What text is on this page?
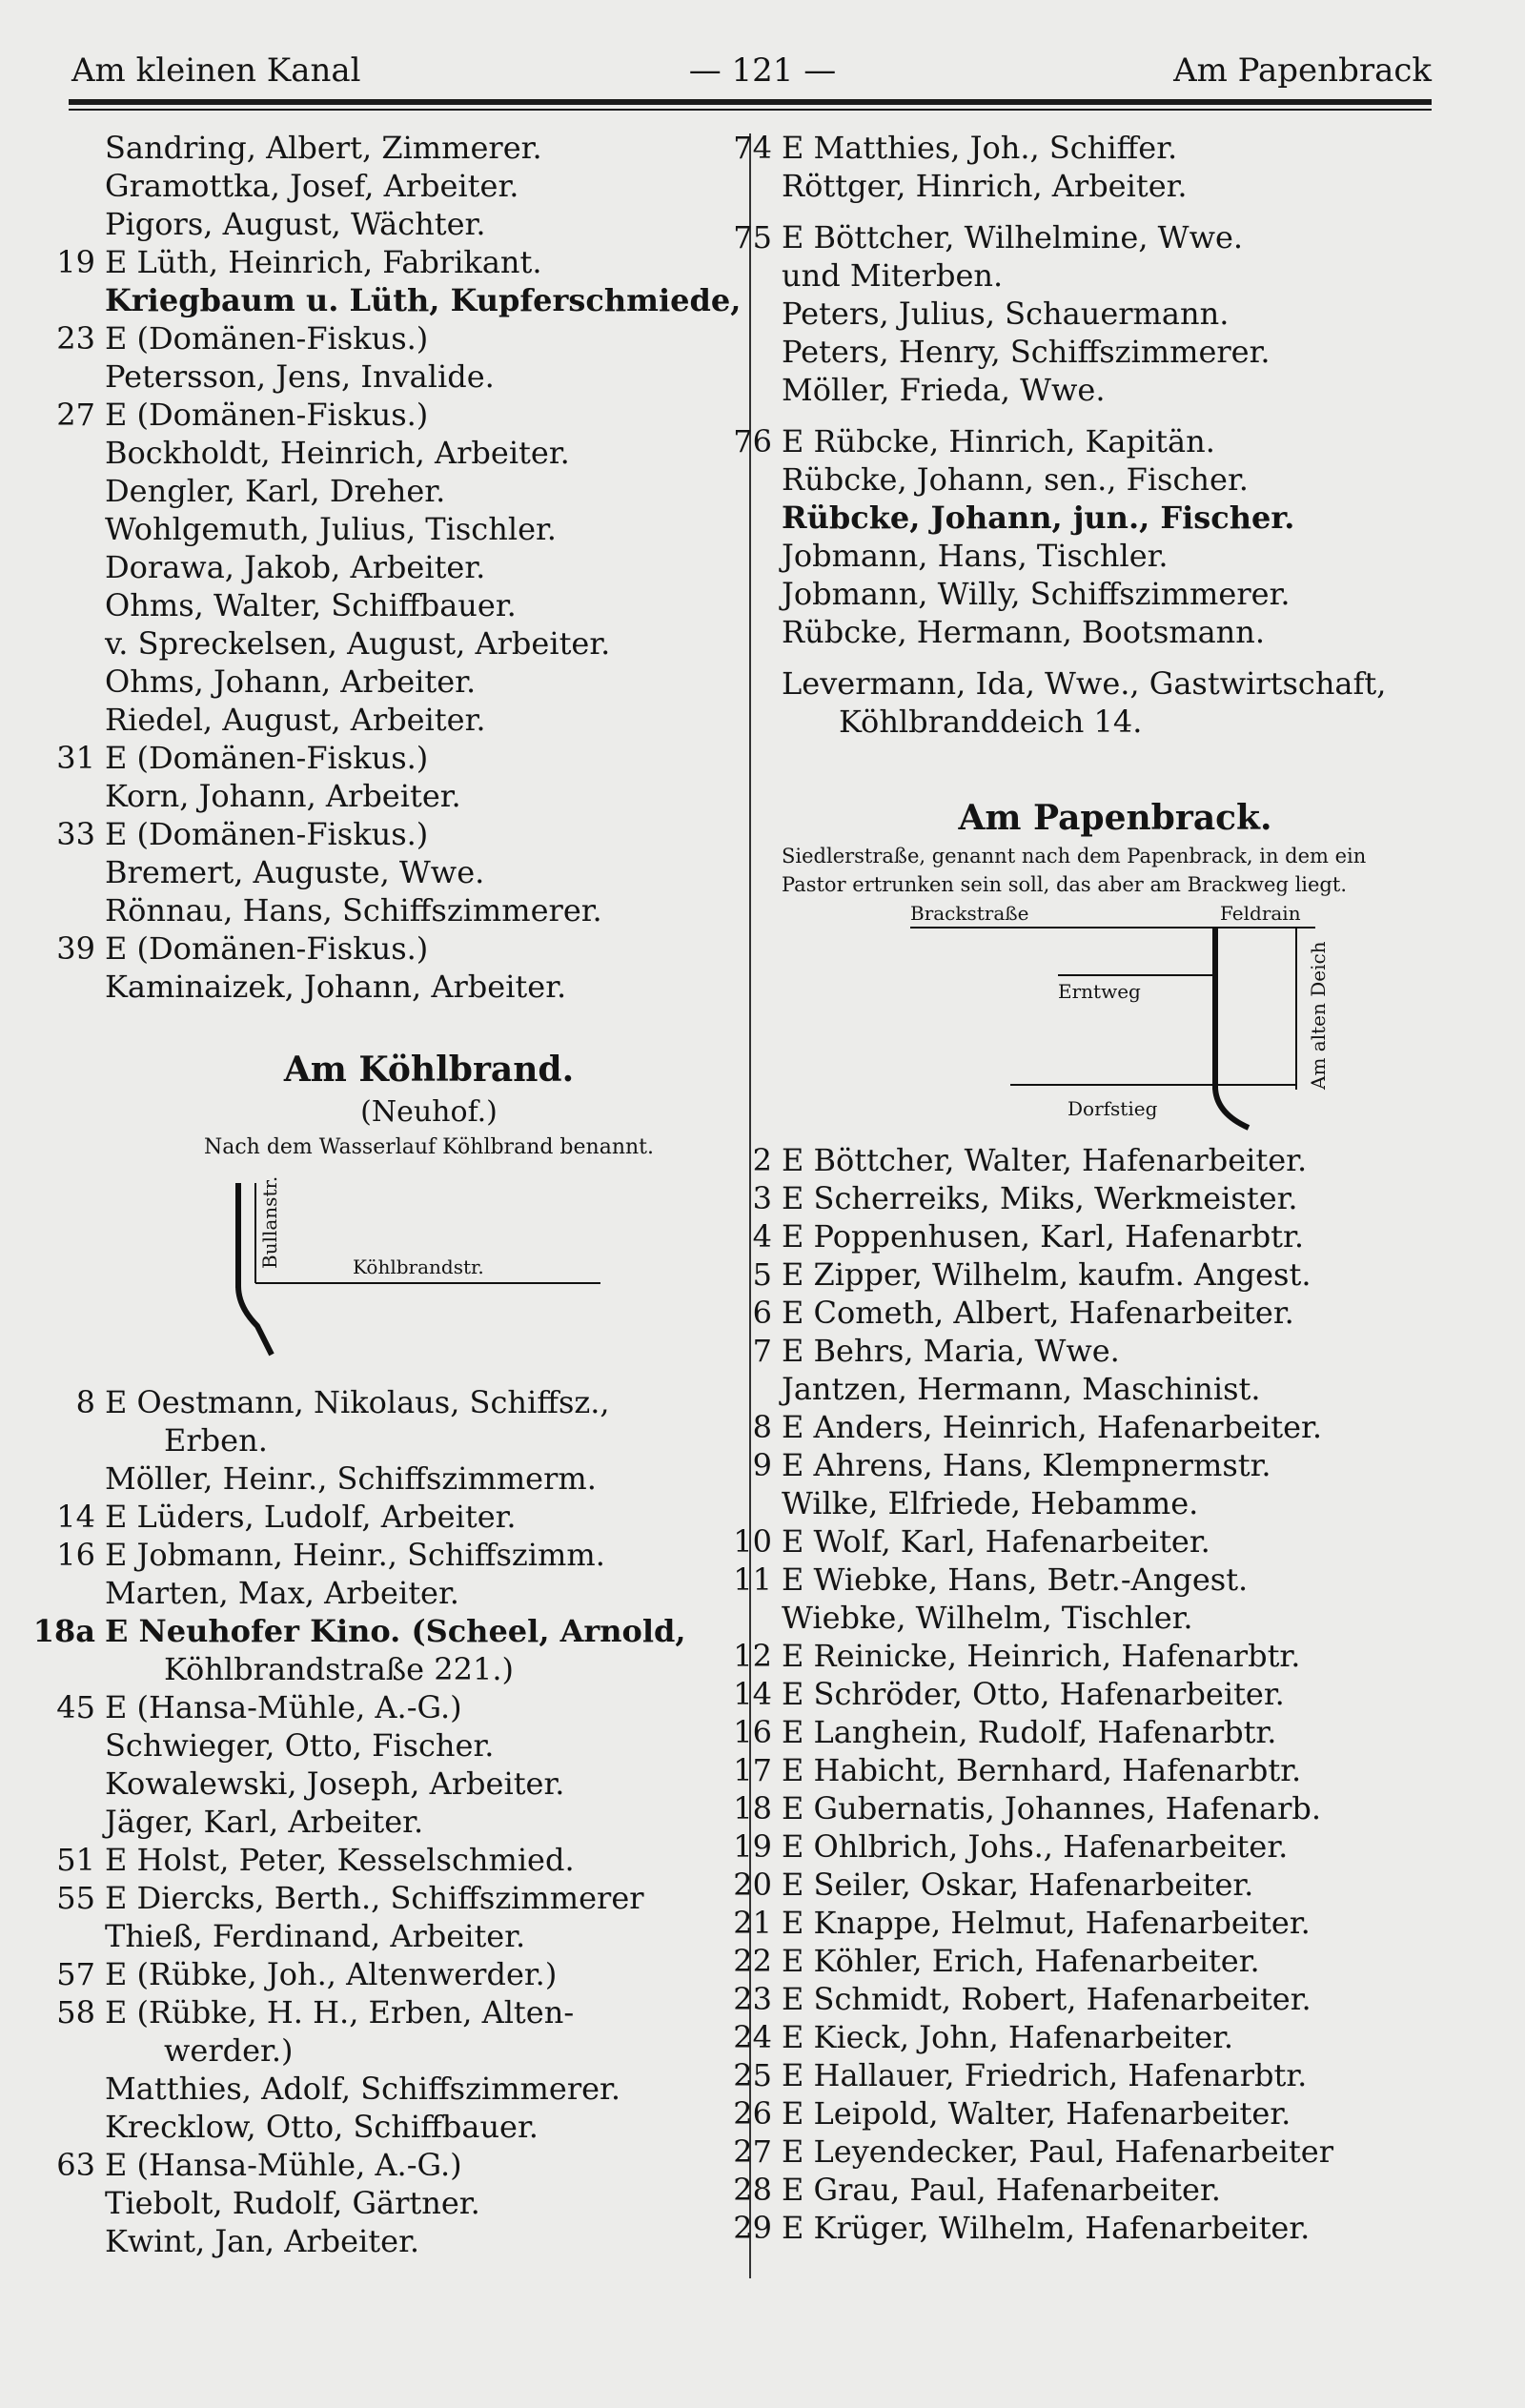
Am kleinen Kanal	— 121 —	Am Papenbrack
Sandring, Albert, Zimmerer.
Gramottka, Josef, Arbeiter.
Pigors, August, Wächter.
19 E Lüth, Heinrich, Fabrikant.
Kriegbaum u. Lüth, Kupferschmiede,
23 E (Domänen-Fiskus.)
Petersson, Jens, Invalide.
27 E (Domänen-Fiskus.)
Bockholdt, Heinrich, Arbeiter.
Dengler, Karl, Dreher.
Wohlgemuth, Julius, Tischler.
Dorawa, Jakob, Arbeiter.
Ohms, Walter, Schiffbauer.
v. Spreckelsen, August, Arbeiter.
Ohms, Johann, Arbeiter.
Riedel, August, Arbeiter.
31 E (Domänen-Fiskus.)
Korn, Johann, Arbeiter.
33 E (Domänen-Fiskus.)
Bremert, Auguste, Wwe.
Rönnau, Hans, Schiffszimmerer.
39 E (Domänen-Fiskus.)
Kaminaizek, Johann, Arbeiter.
Am Köhlbrand.
(Neuhof.)
Nach dem Wasserlauf Köhlbrand benannt.
Bullanstr.	Köhlbrandstr.
8 E Oestmann, Nikolaus, Schiffsz.,
Erben.
Möller, Heinr., Schiffszimmerm.
14 E Lüders, Ludolf, Arbeiter.
16 E Jobmann, Heinr., Schiffszimm.
Marten, Max, Arbeiter.
18a E Neuhofer Kino. (Scheel, Arnold,
Köhlbrandstraße 221.)
45 E (Hansa-Mühle, A.-G.)
Schwieger, Otto, Fischer.
Kowalewski, Joseph, Arbeiter.
Jäger, Karl, Arbeiter.
51 E Holst, Peter, Kesselschmied.
55 E Diercks, Berth., Schiffszimmerer
Thieß, Ferdinand, Arbeiter.
57 E (Rübke, Joh., Altenwerder.)
58 E (Rübke, H. H., Erben, Alten-
werder.)
Matthies, Adolf, Schiffszimmerer.
Krecklow, Otto, Schiffbauer.
63 E (Hansa-Mühle, A.-G.)
Tiebolt, Rudolf, Gärtner.
Kwint, Jan, Arbeiter.
74 E Matthies, Joh., Schiffer.
Röttger, Hinrich, Arbeiter.
75 E Böttcher, Wilhelmine, Wwe.
und Miterben.
Peters, Julius, Schauermann.
Peters, Henry, Schiffszimmerer.
Möller, Frieda, Wwe.
76 E Rübcke, Hinrich, Kapitän.
Rübcke, Johann, sen., Fischer.
Rübcke, Johann, jun., Fischer.
Jobmann, Hans, Tischler.
Jobmann, Willy, Schiffszimmerer.
Rübcke, Hermann, Bootsmann.
Levermann, Ida, Wwe., Gastwirtschaft,
Köhlbranddeich 14.
Am Papenbrack.
Siedlerstraße, genannt nach dem Papenbrack, in dem ein
Pastor ertrunken sein soll, das aber am Brackweg liegt.
Brackstraße	Feldrain
Erntweg
Dorfstieg
Am alten Deich
2 E Böttcher, Walter, Hafenarbeiter.
3 E Scherreiks, Miks, Werkmeister.
4 E Poppenhusen, Karl, Hafenarbtr.
5 E Zipper, Wilhelm, kaufm. Angest.
6 E Cometh, Albert, Hafenarbeiter.
7 E Behrs, Maria, Wwe.
Jantzen, Hermann, Maschinist.
8 E Anders, Heinrich, Hafenarbeiter.
9 E Ahrens, Hans, Klempnermstr.
Wilke, Elfriede, Hebamme.
10 E Wolf, Karl, Hafenarbeiter.
11 E Wiebke, Hans, Betr.-Angest.
Wiebke, Wilhelm, Tischler.
12 E Reinicke, Heinrich, Hafenarbtr.
14 E Schröder, Otto, Hafenarbeiter.
16 E Langhein, Rudolf, Hafenarbtr.
17 E Habicht, Bernhard, Hafenarbtr.
18 E Gubernatis, Johannes, Hafenarb.
19 E Ohlbrich, Johs., Hafenarbeiter.
20 E Seiler, Oskar, Hafenarbeiter.
21 E Knappe, Helmut, Hafenarbeiter.
22 E Köhler, Erich, Hafenarbeiter.
23 E Schmidt, Robert, Hafenarbeiter.
24 E Kieck, John, Hafenarbeiter.
25 E Hallauer, Friedrich, Hafenarbtr.
26 E Leipold, Walter, Hafenarbeiter.
27 E Leyendecker, Paul, Hafenarbeiter
28 E Grau, Paul, Hafenarbeiter.
29 E Krüger, Wilhelm, Hafenarbeiter.
